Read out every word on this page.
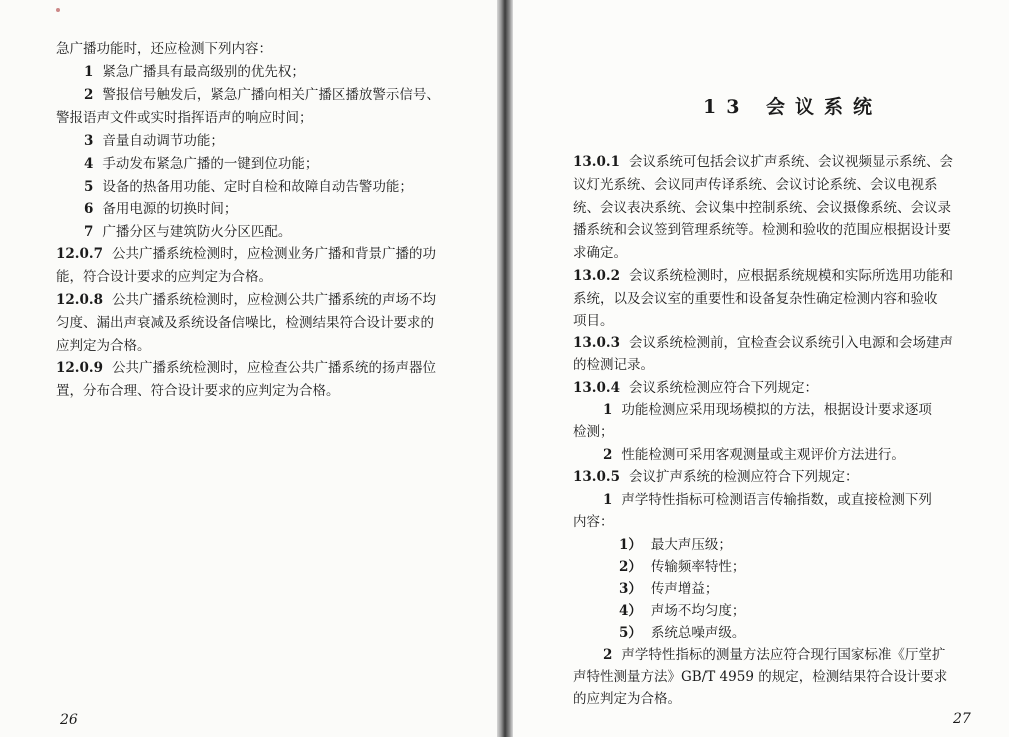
急广播功能时，还应检测下列内容：
1 紧急广播具有最高级别的优先权；
2 警报信号触发后，紧急广播向相关广播区播放警示信号、
警报语声文件或实时指挥语声的响应时间；
3 音量自动调节功能；
4 手动发布紧急广播的一键到位功能；
5 设备的热备用功能、定时自检和故障自动告警功能；
6 备用电源的切换时间；
7 广播分区与建筑防火分区匹配。
12.0.7 公共广播系统检测时，应检测业务广播和背景广播的功
能，符合设计要求的应判定为合格。
12.0.8 公共广播系统检测时，应检测公共广播系统的声场不均
匀度、漏出声衰减及系统设备信噪比，检测结果符合设计要求的
应判定为合格。
12.0.9 公共广播系统检测时，应检查公共广播系统的扬声器位
置，分布合理、符合设计要求的应判定为合格。
26
13 会议系统
13.0.1 会议系统可包括会议扩声系统、会议视频显示系统、会
议灯光系统、会议同声传译系统、会议讨论系统、会议电视系
统、会议表决系统、会议集中控制系统、会议摄像系统、会议录
播系统和会议签到管理系统等。检测和验收的范围应根据设计要
求确定。
13.0.2 会议系统检测时，应根据系统规模和实际所选用功能和
系统，以及会议室的重要性和设备复杂性确定检测内容和验收
项目。
13.0.3 会议系统检测前，宜检查会议系统引入电源和会场建声
的检测记录。
13.0.4 会议系统检测应符合下列规定：
1 功能检测应采用现场模拟的方法，根据设计要求逐项
检测；
2 性能检测可采用客观测量或主观评价方法进行。
13.0.5 会议扩声系统的检测应符合下列规定：
1 声学特性指标可检测语言传输指数，或直接检测下列
内容：
1） 最大声压级；
2） 传输频率特性；
3） 传声增益；
4） 声场不均匀度；
5） 系统总噪声级。
2 声学特性指标的测量方法应符合现行国家标准《厅堂扩
声特性测量方法》GB/T 4959 的规定，检测结果符合设计要求
的应判定为合格。
27
